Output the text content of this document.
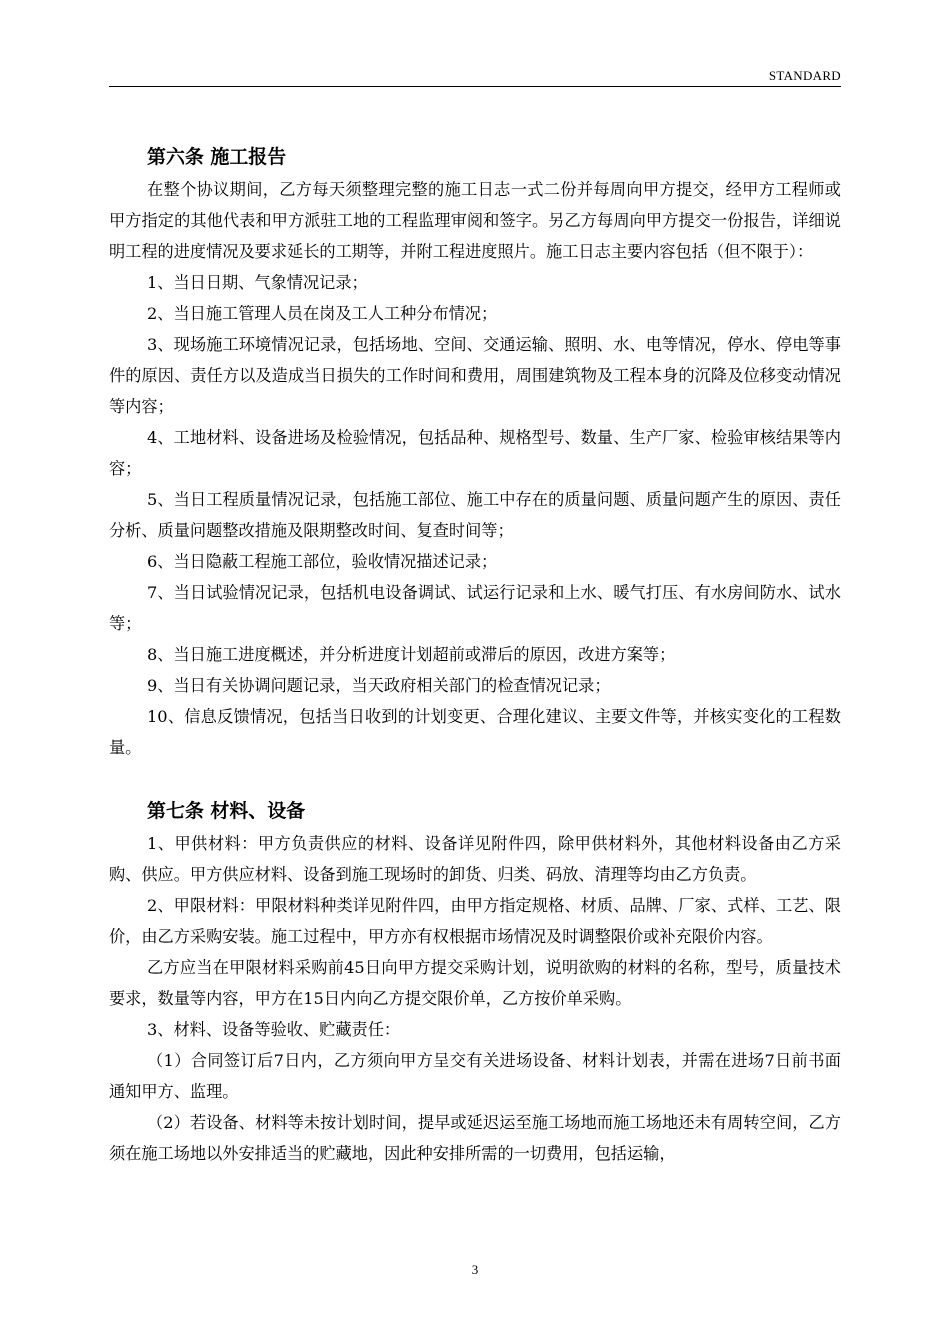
STANDARD
第六条 施工报告

在整个协议期间，乙方每天须整理完整的施工日志一式二份并每周向甲方提交，经甲方工程师或甲方指定的其他代表和甲方派驻工地的工程监理审阅和签字。另乙方每周向甲方提交一份报告，详细说明工程的进度情况及要求延长的工期等，并附工程进度照片。施工日志主要内容包括（但不限于）：

1、当日日期、气象情况记录；

2、当日施工管理人员在岗及工人工种分布情况；

3、现场施工环境情况记录，包括场地、空间、交通运输、照明、水、电等情况，停水、停电等事件的原因、责任方以及造成当日损失的工作时间和费用，周围建筑物及工程本身的沉降及位移变动情况等内容；

4、工地材料、设备进场及检验情况，包括品种、规格型号、数量、生产厂家、检验审核结果等内容；

5、当日工程质量情况记录，包括施工部位、施工中存在的质量问题、质量问题产生的原因、责任分析、质量问题整改措施及限期整改时间、复查时间等；

6、当日隐蔽工程施工部位，验收情况描述记录；

7、当日试验情况记录，包括机电设备调试、试运行记录和上水、暖气打压、有水房间防水、试水等；

8、当日施工进度概述，并分析进度计划超前或滞后的原因，改进方案等；

9、当日有关协调问题记录，当天政府相关部门的检查情况记录；

10、信息反馈情况，包括当日收到的计划变更、合理化建议、主要文件等，并核实变化的工程数量。

第七条 材料、设备

1、甲供材料：甲方负责供应的材料、设备详见附件四，除甲供材料外，其他材料设备由乙方采购、供应。甲方供应材料、设备到施工现场时的卸货、归类、码放、清理等均由乙方负责。

2、甲限材料：甲限材料种类详见附件四，由甲方指定规格、材质、品牌、厂家、式样、工艺、限价，由乙方采购安装。施工过程中，甲方亦有权根据市场情况及时调整限价或补充限价内容。

乙方应当在甲限材料采购前45日向甲方提交采购计划，说明欲购的材料的名称，型号，质量技术要求，数量等内容，甲方在15日内向乙方提交限价单，乙方按价单采购。

3、材料、设备等验收、贮藏责任：

（1）合同签订后7日内，乙方须向甲方呈交有关进场设备、材料计划表，并需在进场7日前书面通知甲方、监理。

（2）若设备、材料等未按计划时间，提早或延迟运至施工场地而施工场地还未有周转空间，乙方须在施工场地以外安排适当的贮藏地，因此种安排所需的一切费用，包括运输，

3
